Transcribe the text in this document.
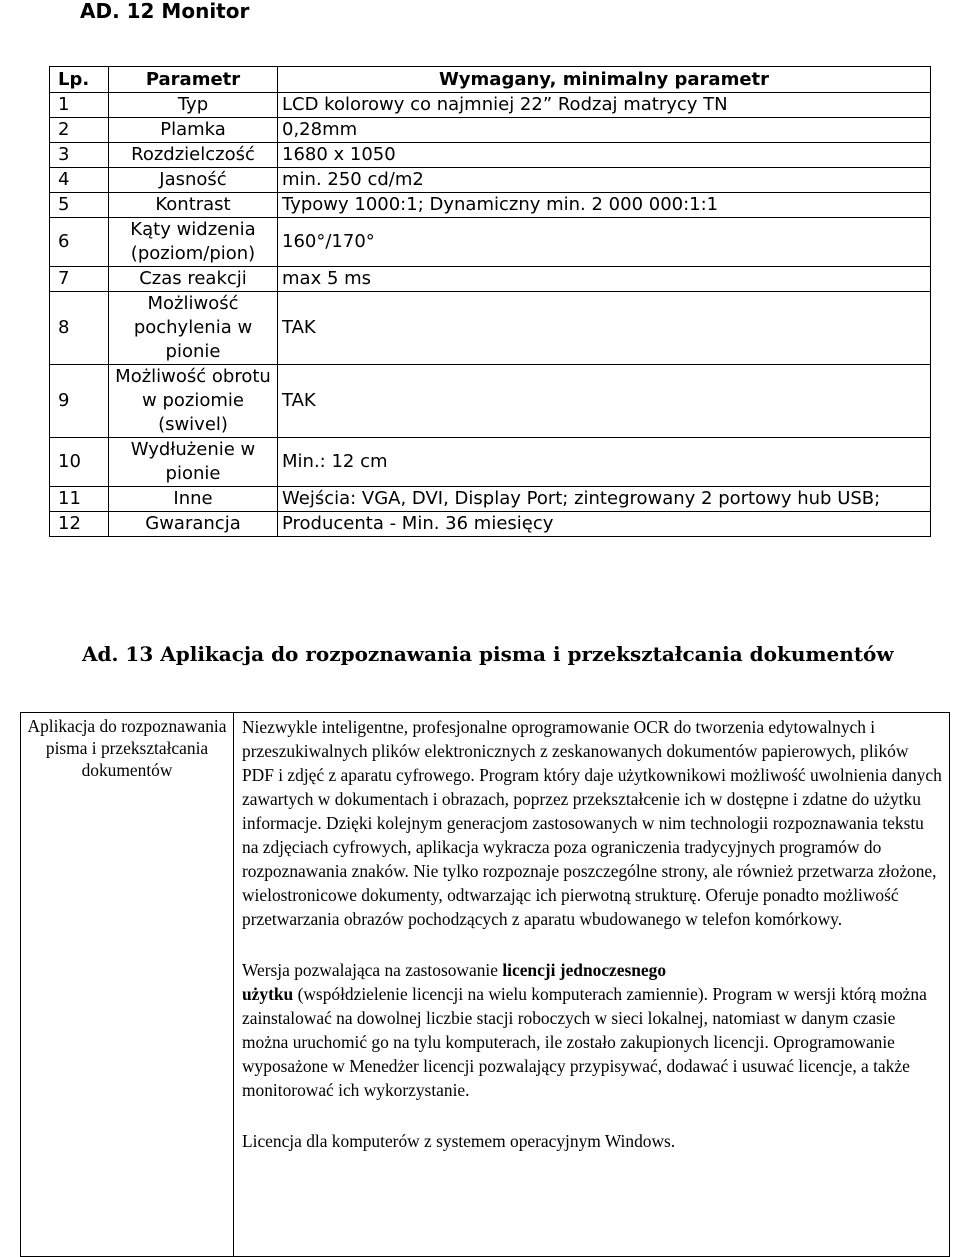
AD. 12 Monitor
Lp.	Parametr	Wymagany, minimalny parametr
1	Typ	LCD kolorowy co najmniej 22” Rodzaj matrycy TN
2	Plamka	0,28mm
3	Rozdzielczość	1680 x 1050
4	Jasność	min. 250 cd/m2
5	Kontrast	Typowy 1000:1; Dynamiczny min. 2 000 000:1:1
6	Kąty widzenia (poziom/pion)	160°/170°
7	Czas reakcji	max 5 ms
8	Możliwość pochylenia w pionie	TAK
9	Możliwość obrotu w poziomie (swivel)	TAK
10	Wydłużenie w pionie	Min.: 12 cm
11	Inne	Wejścia: VGA, DVI, Display Port; zintegrowany 2 portowy hub USB;
12	Gwarancja	Producenta - Min. 36 miesięcy
Ad. 13 Aplikacja do rozpoznawania pisma i przekształcania dokumentów
Aplikacja do rozpoznawania pisma i przekształcania dokumentów	

Niezwykle inteligentne, profesjonalne oprogramowanie OCR do tworzenia edytowalnych i przeszukiwalnych plików elektronicznych z zeskanowanych dokumentów papierowych, plików PDF i zdjęć z aparatu cyfrowego. Program który daje użytkownikowi możliwość uwolnienia danych zawartych w dokumentach i obrazach, poprzez przekształcenie ich w dostępne i zdatne do użytku informacje. Dzięki kolejnym generacjom zastosowanych w nim technologii rozpoznawania tekstu na zdjęciach cyfrowych, aplikacja wykracza poza ograniczenia tradycyjnych programów do rozpoznawania znaków. Nie tylko rozpoznaje poszczególne strony, ale również przetwarza złożone, wielostronicowe dokumenty, odtwarzając ich pierwotną strukturę. Oferuje ponadto możliwość przetwarzania obrazów pochodzących z aparatu wbudowanego w telefon komórkowy.

Wersja pozwalająca na zastosowanie licencji jednoczesnego
użytku (współdzielenie licencji na wielu komputerach zamiennie). Program w wersji którą można zainstalować na dowolnej liczbie stacji roboczych w sieci lokalnej, natomiast w danym czasie można uruchomić go na tylu komputerach, ile zostało zakupionych licencji. Oprogramowanie wyposażone w Menedżer licencji pozwalający przypisywać, dodawać i usuwać licencje, a także monitorować ich wykorzystanie.

Licencja dla komputerów z systemem operacyjnym Windows.
